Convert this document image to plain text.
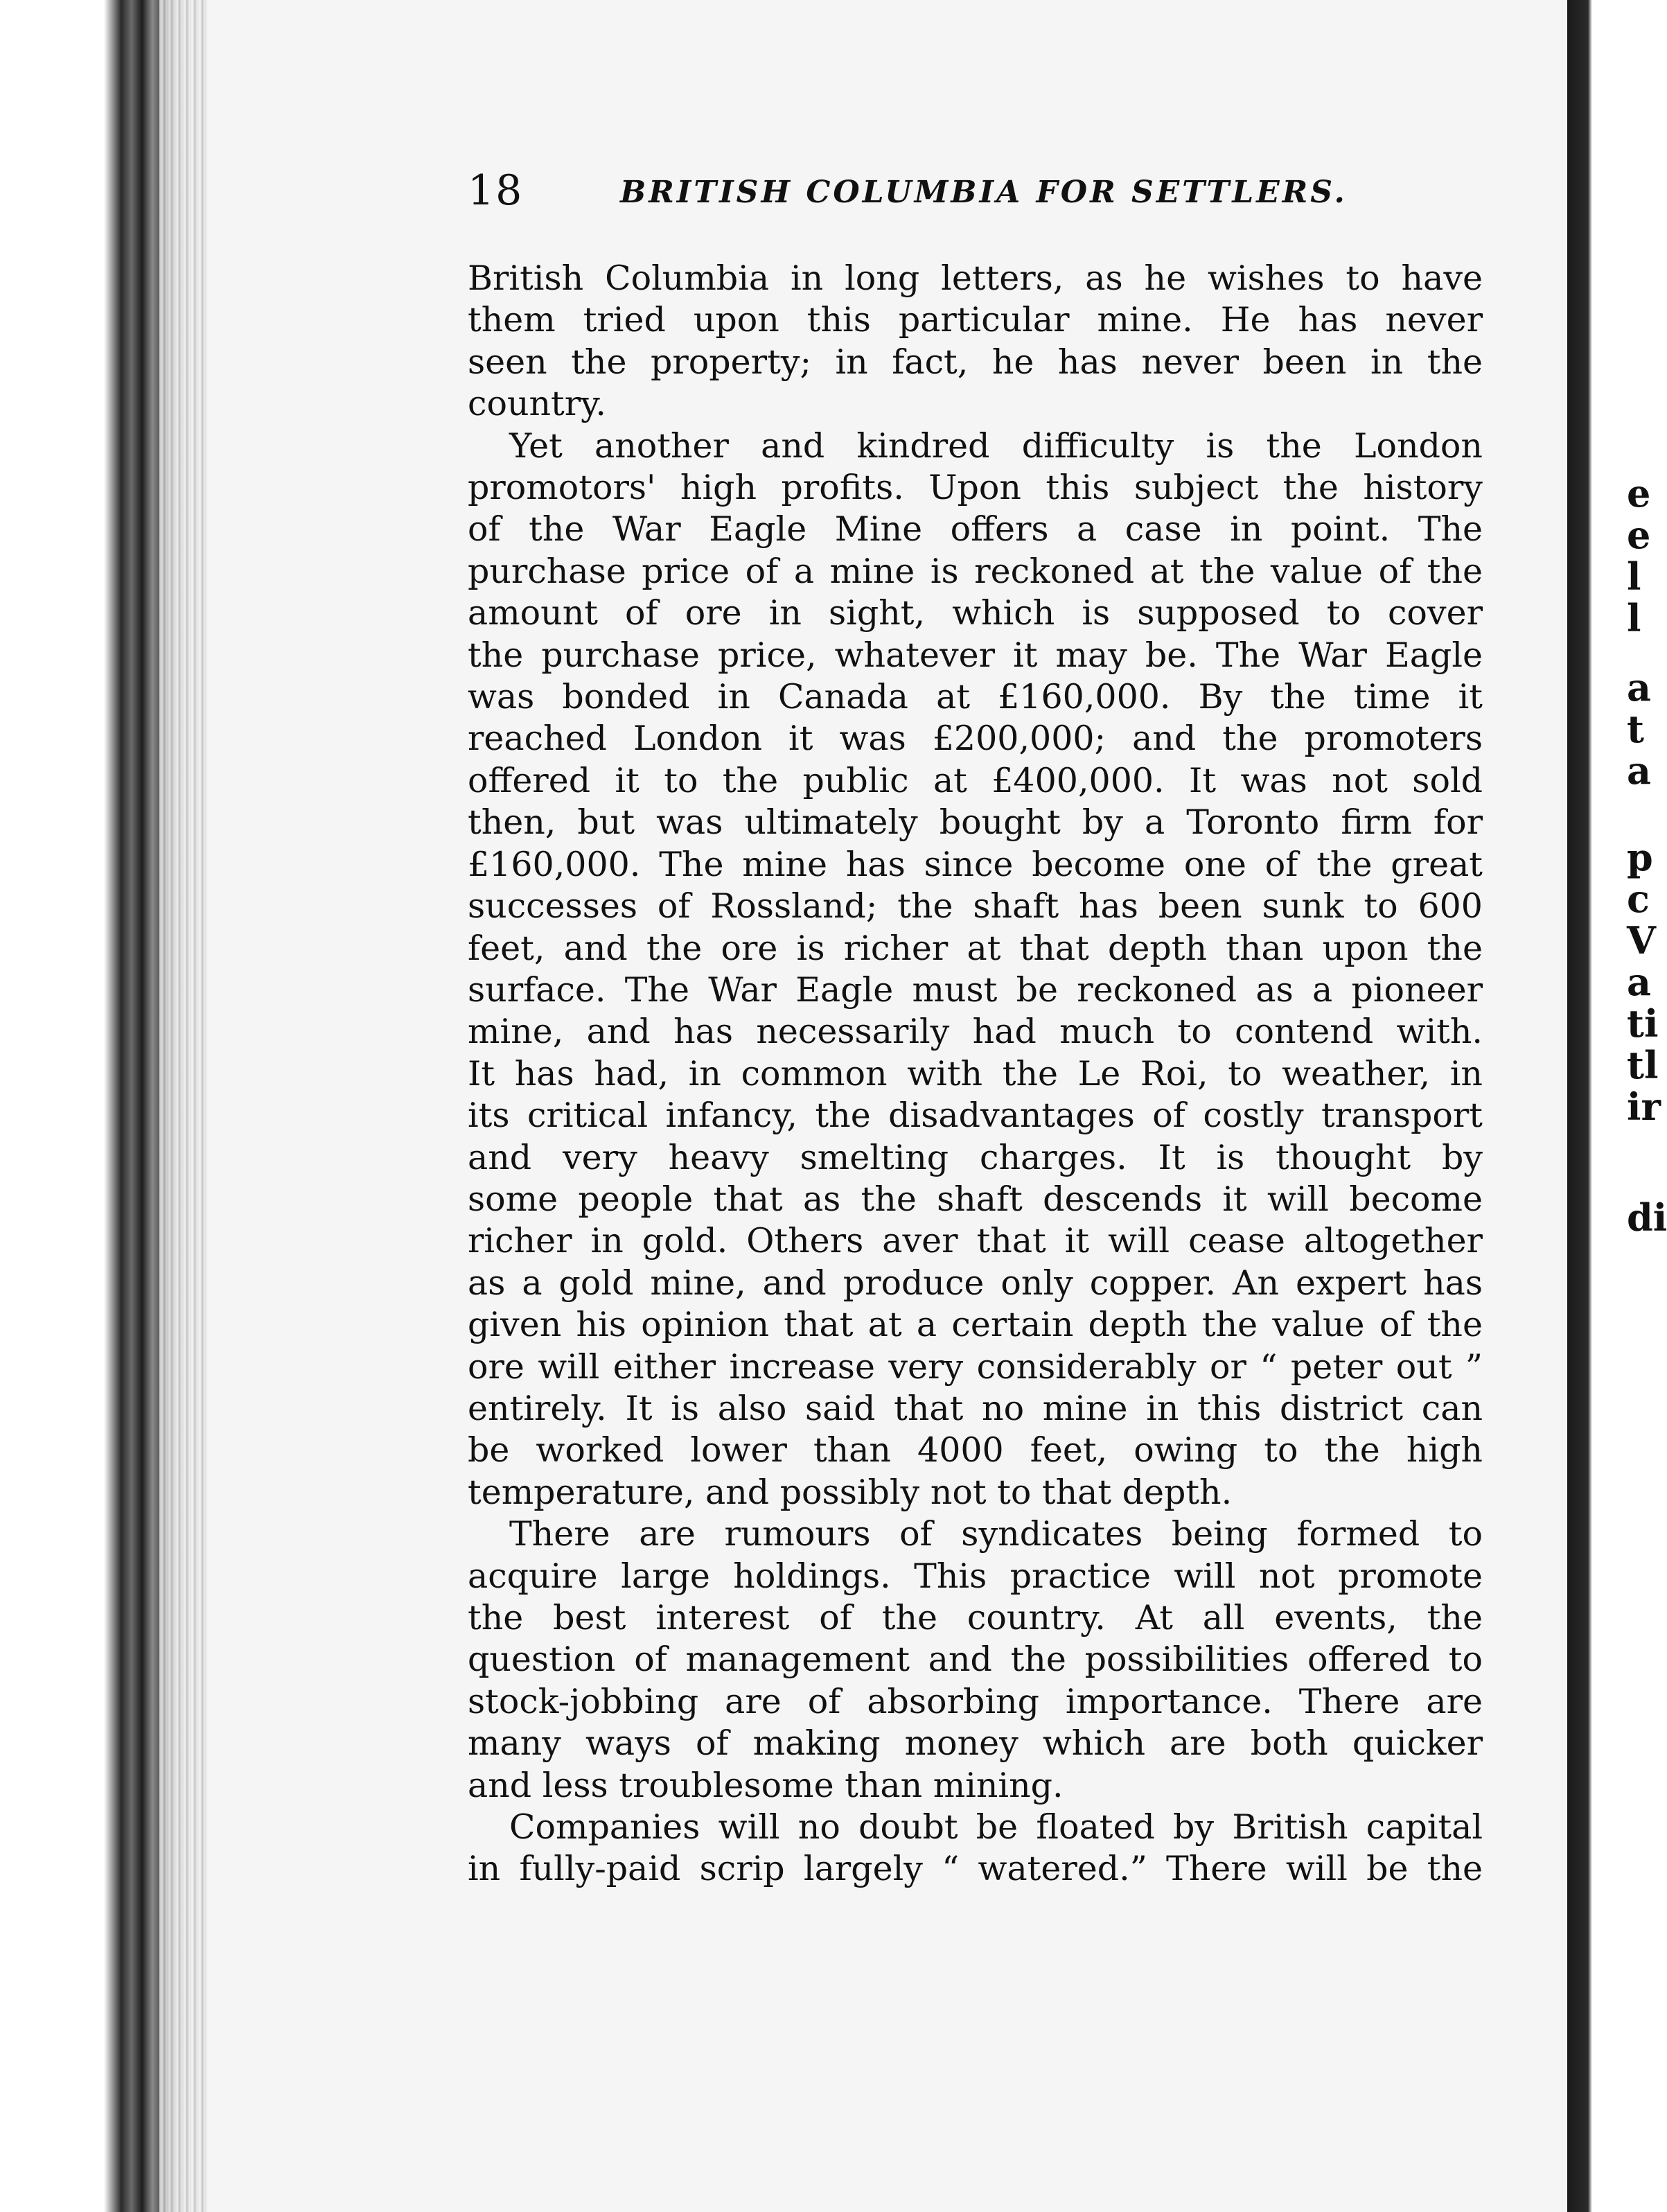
e
e
l
l
a
t
a
p
c
V
a
ti
tl
ir
di
18	BRITISH COLUMBIA FOR SETTLERS.

British Columbia in long letters, as he wishes to have
them tried upon this particular mine. He has never
seen the property; in fact, he has never been in the
country.

Yet another and kindred difficulty is the London
promotors' high profits. Upon this subject the history
of the War Eagle Mine offers a case in point. The
purchase price of a mine is reckoned at the value of the
amount of ore in sight, which is supposed to cover
the purchase price, whatever it may be. The War Eagle
was bonded in Canada at £160,000. By the time it
reached London it was £200,000; and the promoters
offered it to the public at £400,000. It was not sold
then, but was ultimately bought by a Toronto firm for
£160,000. The mine has since become one of the great
successes of Rossland; the shaft has been sunk to 600
feet, and the ore is richer at that depth than upon the
surface. The War Eagle must be reckoned as a pioneer
mine, and has necessarily had much to contend with.
It has had, in common with the Le Roi, to weather, in
its critical infancy, the disadvantages of costly transport
and very heavy smelting charges. It is thought by
some people that as the shaft descends it will become
richer in gold. Others aver that it will cease altogether
as a gold mine, and produce only copper. An expert has
given his opinion that at a certain depth the value of the
ore will either increase very considerably or “ peter out ”
entirely. It is also said that no mine in this district can
be worked lower than 4000 feet, owing to the high
temperature, and possibly not to that depth.

There are rumours of syndicates being formed to
acquire large holdings. This practice will not promote
the best interest of the country. At all events, the
question of management and the possibilities offered to
stock-jobbing are of absorbing importance. There are
many ways of making money which are both quicker
and less troublesome than mining.

Companies will no doubt be floated by British capital
in fully-paid scrip largely “ watered.” There will be the
